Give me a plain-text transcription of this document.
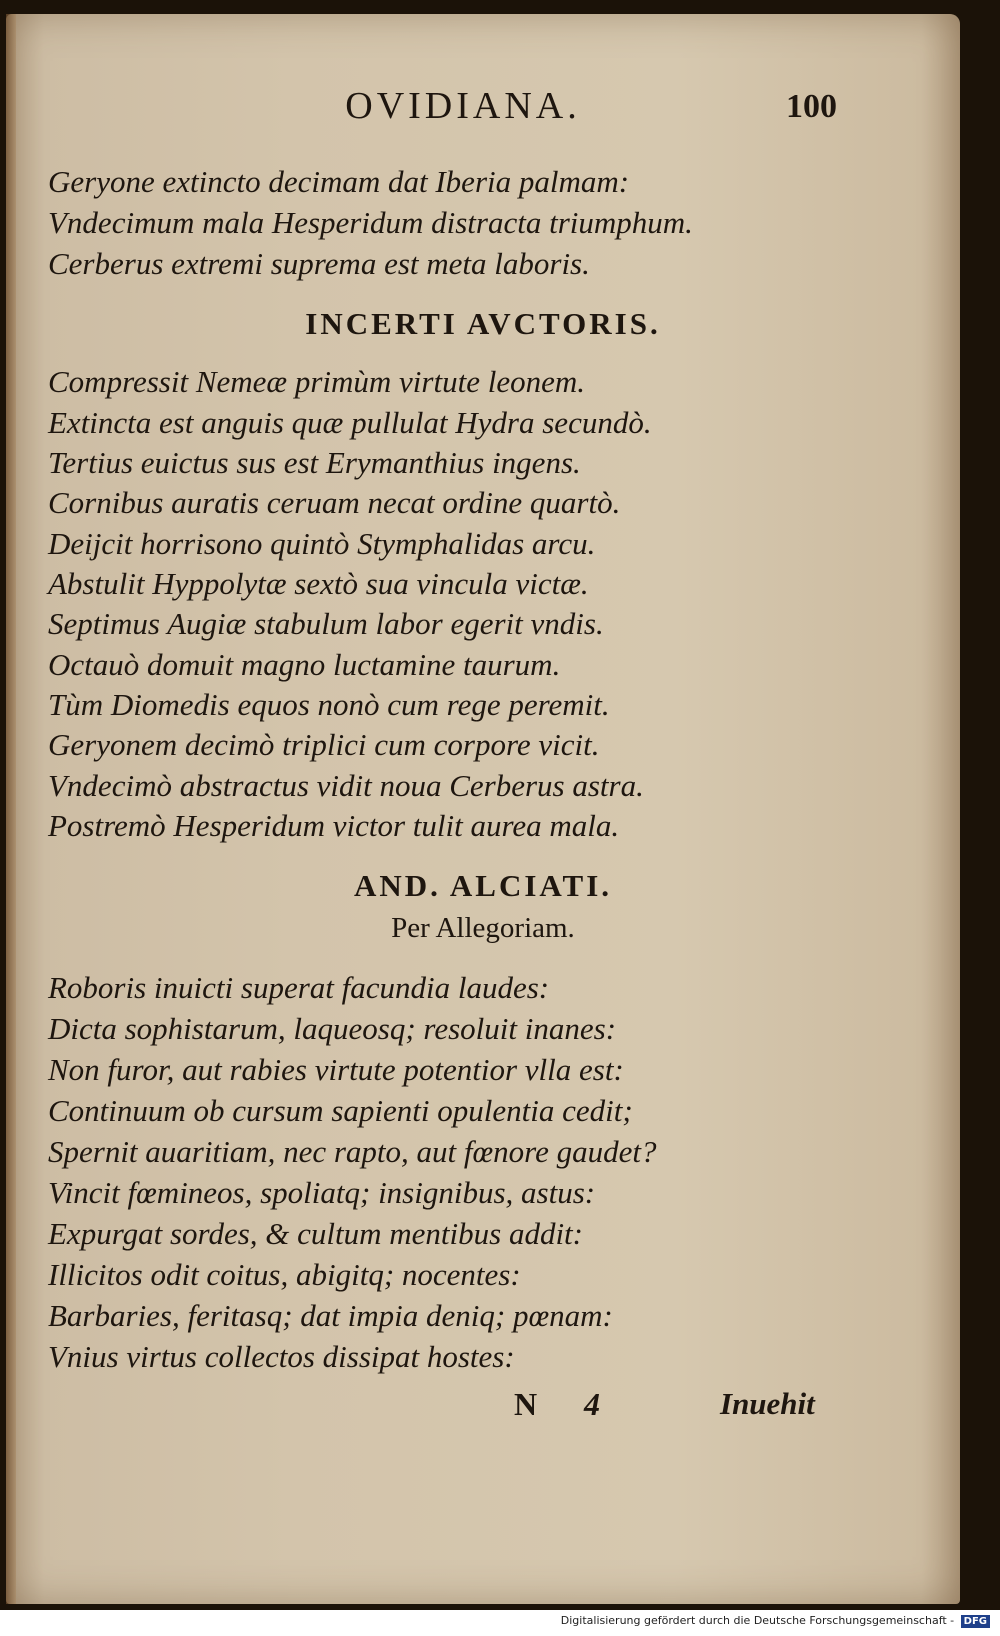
OVIDIANA.	100
Geryone extincto decimam dat Iberia palmam:
Vndecimum mala Hesperidum distracta triumphum.
Cerberus extremi suprema est meta laboris.
INCERTI AVCTORIS.
Compressit Nemeæ primùm virtute leonem.
Extincta est anguis quæ pullulat Hydra secundò.
Tertius euictus sus est Erymanthius ingens.
Cornibus auratis ceruam necat ordine quartò.
Deijcit horrisono quintò Stymphalidas arcu.
Abstulit Hyppolytæ sextò sua vincula victæ.
Septimus Augiæ stabulum labor egerit vndis.
Octauò domuit magno luctamine taurum.
Tùm Diomedis equos nonò cum rege peremit.
Geryonem decimò triplici cum corpore vicit.
Vndecimò abstractus vidit noua Cerberus astra.
Postremò Hesperidum victor tulit aurea mala.
AND. ALCIATI.
Per Allegoriam.
Roboris inuicti superat facundia laudes:
Dicta sophistarum, laqueosq; resoluit inanes:
Non furor, aut rabies virtute potentior vlla est:
Continuum ob cursum sapienti opulentia cedit;
Spernit auaritiam, nec rapto, aut fœnore gaudet?
Vincit fœmineos, spoliatq; insignibus, astus:
Expurgat sordes, & cultum mentibus addit:
Illicitos odit coitus, abigitq; nocentes:
Barbaries, feritasq; dat impia deniq; pœnam:
Vnius virtus collectos dissipat hostes:
N 4	Inuehit
Digitalisierung gefördert durch die Deutsche Forschungsgemeinschaft - DFG
